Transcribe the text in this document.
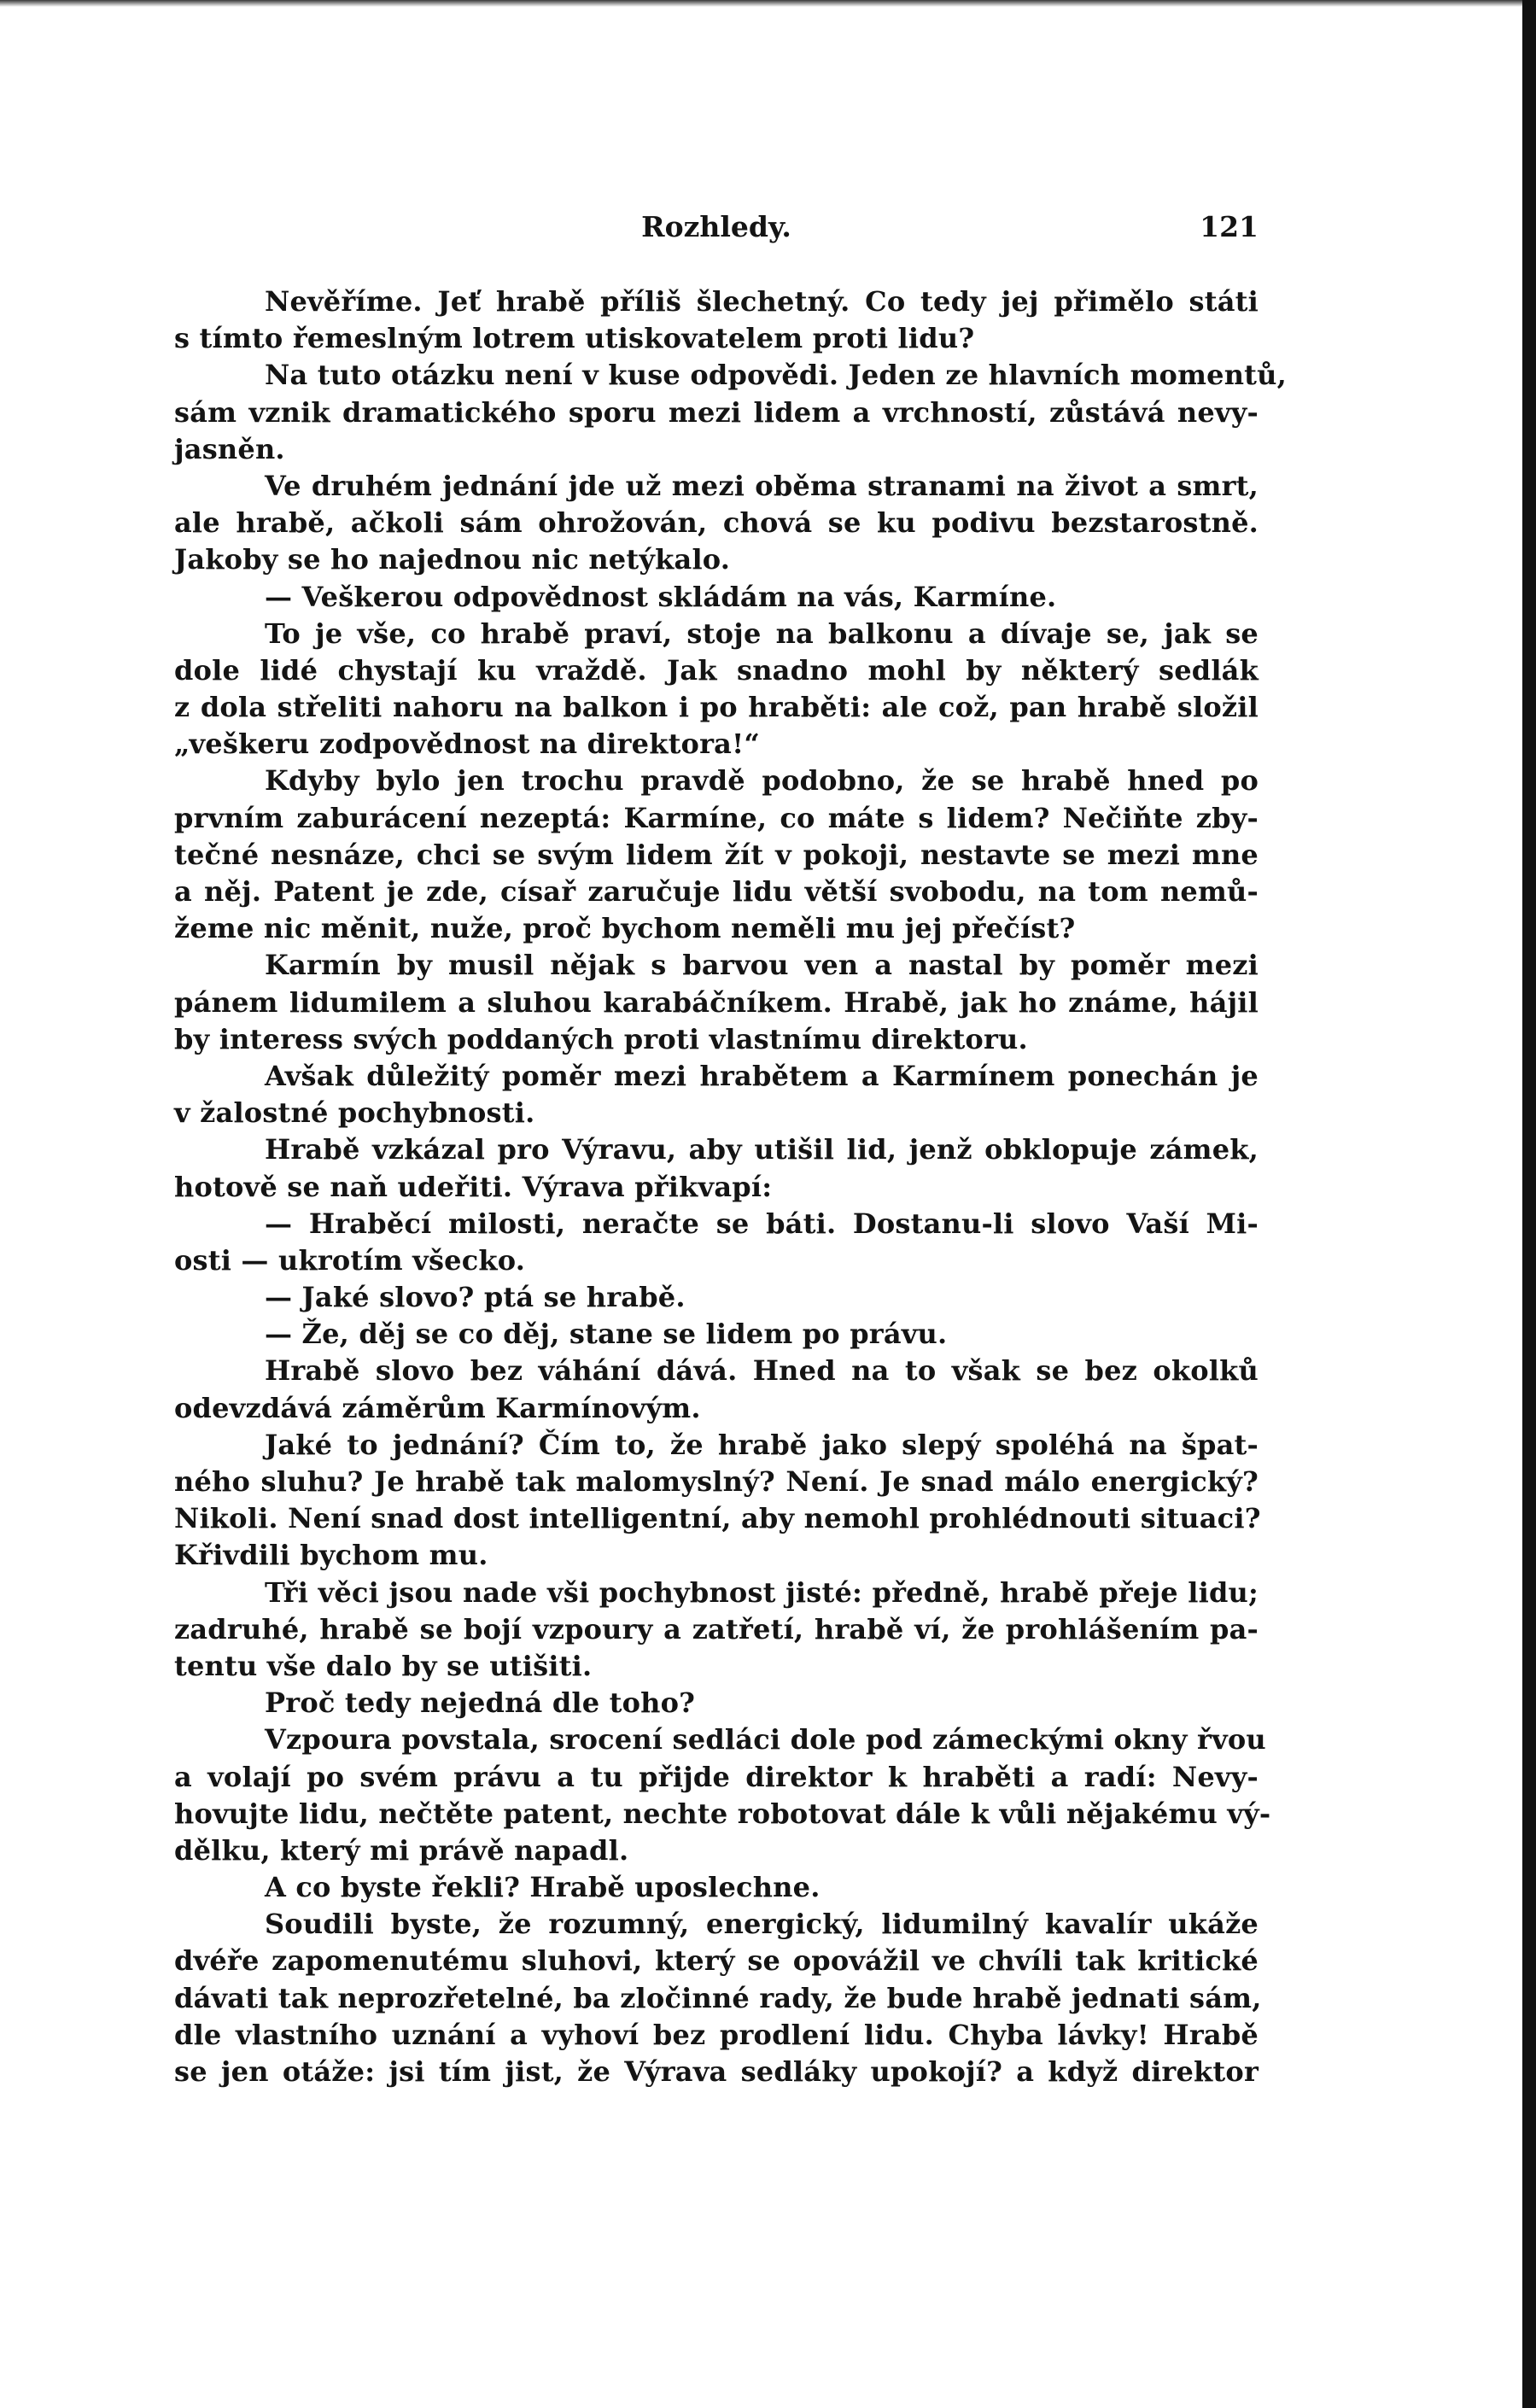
Rozhledy.	121
Nevěříme. Jeť hrabě příliš šlechetný. Co tedy jej přimělo státi
s tímto řemeslným lotrem utiskovatelem proti lidu?
Na tuto otázku není v kuse odpovědi. Jeden ze hlavních momentů,
sám vznik dramatického sporu mezi lidem a vrchností, zůstává nevy-
jasněn.
Ve druhém jednání jde už mezi oběma stranami na život a smrt,
ale hrabě, ačkoli sám ohrožován, chová se ku podivu bezstarostně.
Jakoby se ho najednou nic netýkalo.
— Veškerou odpovědnost skládám na vás, Karmíne.
To je vše, co hrabě praví, stoje na balkonu a dívaje se, jak se
dole lidé chystají ku vraždě. Jak snadno mohl by některý sedlák
z dola střeliti nahoru na balkon i po hraběti: ale což, pan hrabě složil
„veškeru zodpovědnost na direktora!“
Kdyby bylo jen trochu pravdě podobno, že se hrabě hned po
prvním zaburácení nezeptá: Karmíne, co máte s lidem? Nečiňte zby-
tečné nesnáze, chci se svým lidem žít v pokoji, nestavte se mezi mne
a něj. Patent je zde, císař zaručuje lidu větší svobodu, na tom nemů-
žeme nic měnit, nuže, proč bychom neměli mu jej přečíst?
Karmín by musil nějak s barvou ven a nastal by poměr mezi
pánem lidumilem a sluhou karabáčníkem. Hrabě, jak ho známe, hájil
by interess svých poddaných proti vlastnímu direktoru.
Avšak důležitý poměr mezi hrabětem a Karmínem ponechán je
v žalostné pochybnosti.
Hrabě vzkázal pro Výravu, aby utišil lid, jenž obklopuje zámek,
hotově se naň udeřiti. Výrava přikvapí:
— Hraběcí milosti, neračte se báti. Dostanu-li slovo Vaší Mi-
osti — ukrotím všecko.
— Jaké slovo? ptá se hrabě.
— Že, děj se co děj, stane se lidem po právu.
Hrabě slovo bez váhání dává. Hned na to však se bez okolků
odevzdává záměrům Karmínovým.
Jaké to jednání? Čím to, že hrabě jako slepý spoléhá na špat-
ného sluhu? Je hrabě tak malomyslný? Není. Je snad málo energický?
Nikoli. Není snad dost intelligentní, aby nemohl prohlédnouti situaci?
Křivdili bychom mu.
Tři věci jsou nade vši pochybnost jisté: předně, hrabě přeje lidu;
zadruhé, hrabě se bojí vzpoury a zatřetí, hrabě ví, že prohlášením pa-
tentu vše dalo by se utišiti.
Proč tedy nejedná dle toho?
Vzpoura povstala, srocení sedláci dole pod zámeckými okny řvou
a volají po svém právu a tu přijde direktor k hraběti a radí: Nevy-
hovujte lidu, nečtěte patent, nechte robotovat dále k vůli nějakému vý-
dělku, který mi právě napadl.
A co byste řekli? Hrabě uposlechne.
Soudili byste, že rozumný, energický, lidumilný kavalír ukáže
dvéře zapomenutému sluhovi, který se opovážil ve chvíli tak kritické
dávati tak neprozřetelné, ba zločinné rady, že bude hrabě jednati sám,
dle vlastního uznání a vyhoví bez prodlení lidu. Chyba lávky! Hrabě
se jen otáže: jsi tím jist, že Výrava sedláky upokojí? a když direktor
